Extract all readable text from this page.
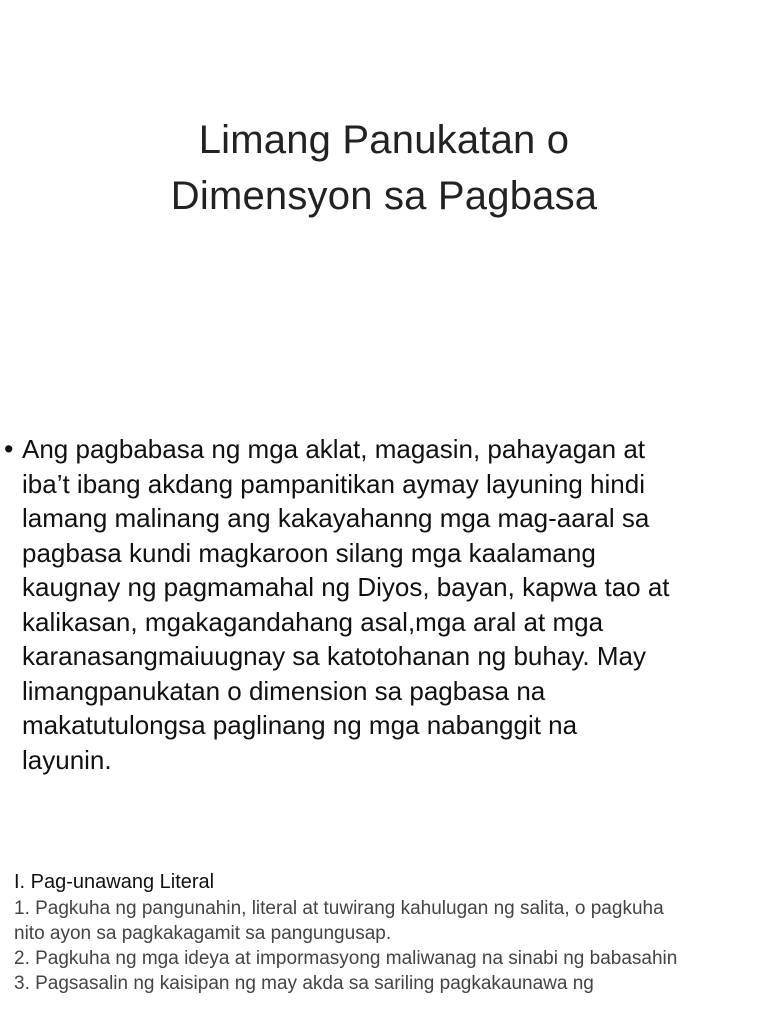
Limang Panukatan o
Dimensyon sa Pagbasa
• Ang pagbabasa ng mga aklat, magasin, pahayagan at iba’t ibang akdang pampanitikan aymay layuning hindi lamang malinang ang kakayahanng mga mag-aaral sa pagbasa kundi magkaroon silang mga kaalamang kaugnay ng pagmamahal ng Diyos, bayan, kapwa tao at kalikasan, mgakagandahang asal,mga aral at mga karanasangmaiuugnay sa katotohanan ng buhay. May limangpanukatan o dimension sa pagbasa na makatutulongsa paglinang ng mga nabanggit na layunin.

I. Pag-unawang Literal

1. Pagkuha ng pangunahin, literal at tuwirang kahulugan ng salita, o pagkuha nito ayon sa pagkakagamit sa pangungusap.

2. Pagkuha ng mga ideya at impormasyong maliwanag na sinabi ng babasahin

3. Pagsasalin ng kaisipan ng may akda sa sariling pagkakaunawa ng
